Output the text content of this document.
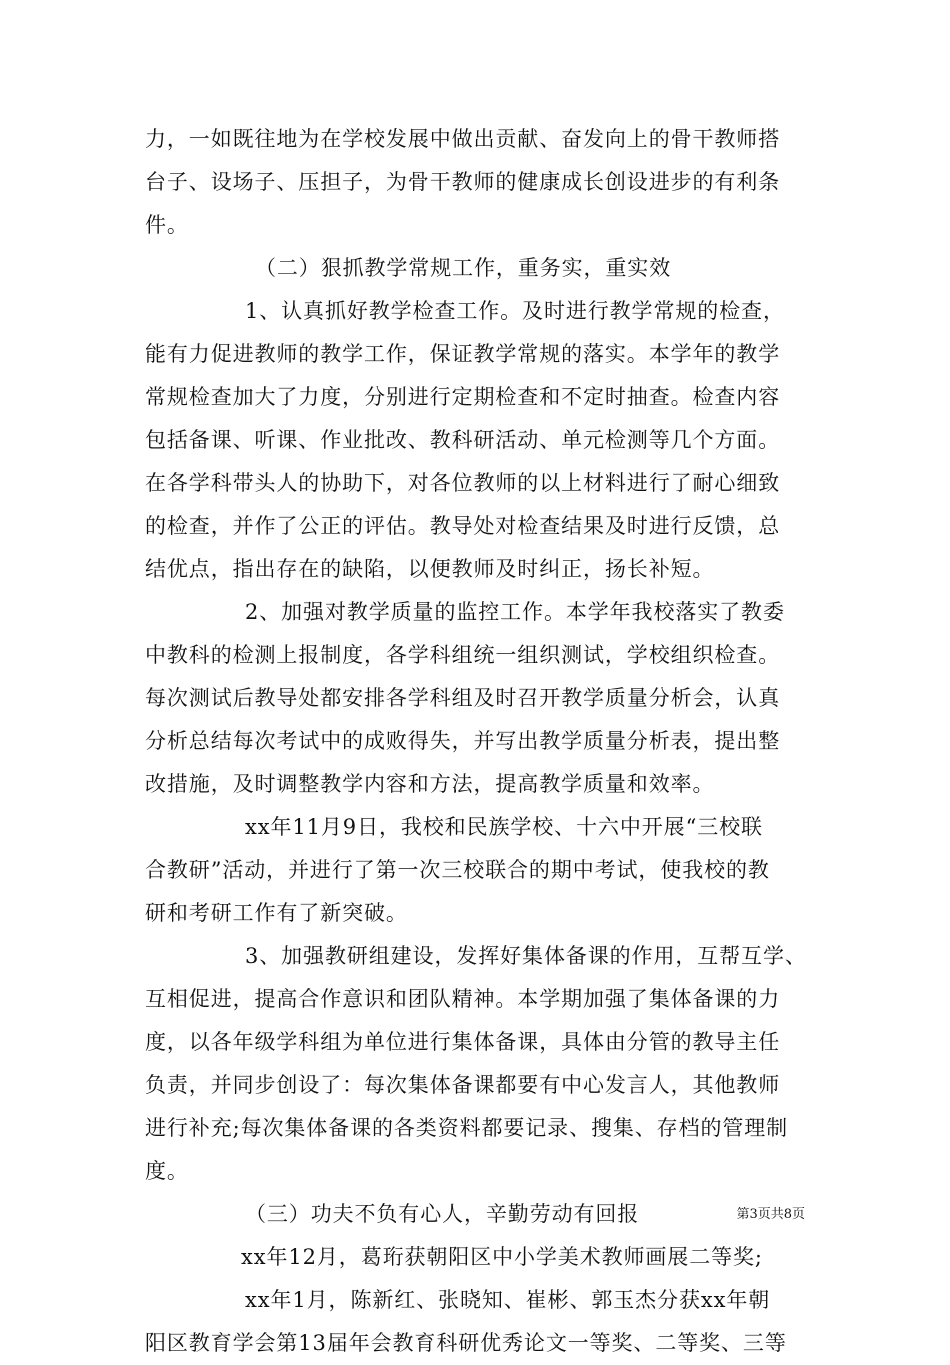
力，一如既往地为在学校发展中做出贡献、奋发向上的骨干教师搭
台子、设场子、压担子，为骨干教师的健康成长创设进步的有利条
件。
（二）狠抓教学常规工作，重务实，重实效
1、认真抓好教学检查工作。及时进行教学常规的检查，
能有力促进教师的教学工作，保证教学常规的落实。本学年的教学
常规检查加大了力度，分别进行定期检查和不定时抽查。检查内容
包括备课、听课、作业批改、教科研活动、单元检测等几个方面。
在各学科带头人的协助下，对各位教师的以上材料进行了耐心细致
的检查，并作了公正的评估。教导处对检查结果及时进行反馈，总
结优点，指出存在的缺陷，以便教师及时纠正，扬长补短。
2、加强对教学质量的监控工作。本学年我校落实了教委
中教科的检测上报制度，各学科组统一组织测试，学校组织检查。
每次测试后教导处都安排各学科组及时召开教学质量分析会，认真
分析总结每次考试中的成败得失，并写出教学质量分析表，提出整
改措施，及时调整教学内容和方法，提高教学质量和效率。
xx年11月9日，我校和民族学校、十六中开展“三校联
合教研”活动，并进行了第一次三校联合的期中考试，使我校的教
研和考研工作有了新突破。
3、加强教研组建设，发挥好集体备课的作用，互帮互学、
互相促进，提高合作意识和团队精神。本学期加强了集体备课的力
度，以各年级学科组为单位进行集体备课，具体由分管的教导主任
负责，并同步创设了：每次集体备课都要有中心发言人，其他教师
进行补充;每次集体备课的各类资料都要记录、搜集、存档的管理制
度。
（三）功夫不负有心人，辛勤劳动有回报
xx年12月，葛珩获朝阳区中小学美术教师画展二等奖;
xx年1月，陈新红、张晓知、崔彬、郭玉杰分获xx年朝
阳区教育学会第13届年会教育科研优秀论文一等奖、二等奖、三等
第3页共8页
